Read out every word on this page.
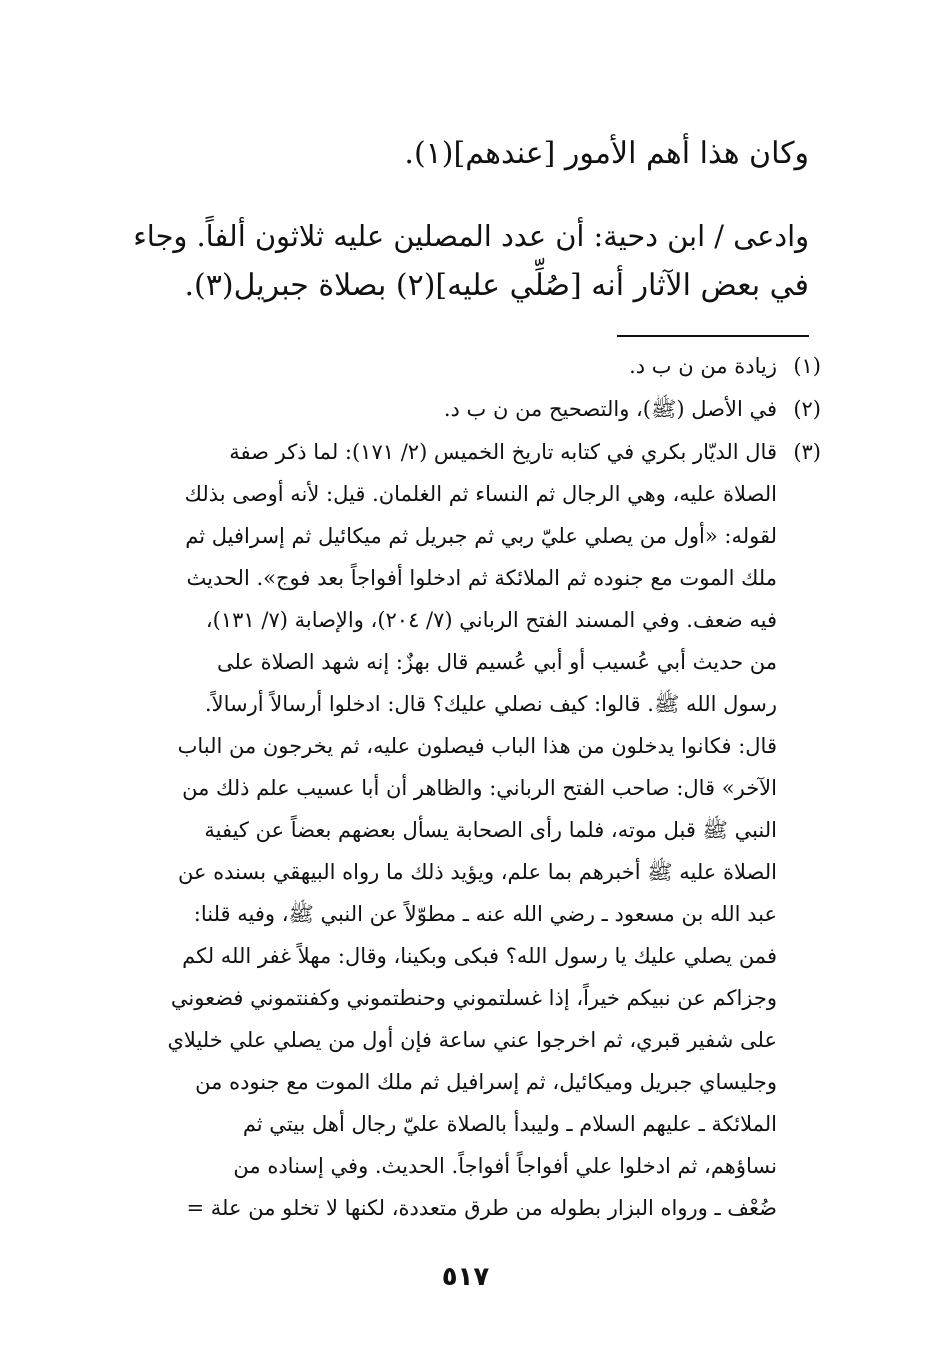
وكان هذا أهم الأمور [عندهم](١).
وادعى / ابن دحية: أن عدد المصلين عليه ثلاثون ألفاً. وجاء
في بعض الآثار أنه [صُلِّي عليه](٢) بصلاة جبريل(٣).
(١)
زيادة من ن ب د.
(٢)
في الأصل (ﷺ)، والتصحيح من ن ب د.
(٣)
قال الديّار بكري في كتابه تاريخ الخميس (٢/ ١٧١): لما ذكر صفة
الصلاة عليه، وهي الرجال ثم النساء ثم الغلمان. قيل: لأنه أوصى بذلك
لقوله: «أول من يصلي عليّ ربي ثم جبريل ثم ميكائيل ثم إسرافيل ثم
ملك الموت مع جنوده ثم الملائكة ثم ادخلوا أفواجاً بعد فوج». الحديث
فيه ضعف. وفي المسند الفتح الرباني (٧/ ٢٠٤)، والإصابة (٧/ ١٣١)،
من حديث أبي عُسيب أو أبي عُسيم قال بهزٌ: إنه شهد الصلاة على
رسول الله ﷺ. قالوا: كيف نصلي عليك؟ قال: ادخلوا أرسالاً أرسالاً.
قال: فكانوا يدخلون من هذا الباب فيصلون عليه، ثم يخرجون من الباب
الآخر» قال: صاحب الفتح الرباني: والظاهر أن أبا عسيب علم ذلك من
النبي ﷺ قبل موته، فلما رأى الصحابة يسأل بعضهم بعضاً عن كيفية
الصلاة عليه ﷺ أخبرهم بما علم، ويؤيد ذلك ما رواه البيهقي بسنده عن
عبد الله بن مسعود ـ رضي الله عنه ـ مطوّلاً عن النبي ﷺ، وفيه قلنا:
فمن يصلي عليك يا رسول الله؟ فبكى وبكينا، وقال: مهلاً غفر الله لكم
وجزاكم عن نبيكم خيراً، إذا غسلتموني وحنطتموني وكفنتموني فضعوني
على شفير قبري، ثم اخرجوا عني ساعة فإن أول من يصلي علي خليلاي
وجليساي جبريل وميكائيل، ثم إسرافيل ثم ملك الموت مع جنوده من
الملائكة ـ عليهم السلام ـ وليبدأ بالصلاة عليّ رجال أهل بيتي ثم
نساؤهم، ثم ادخلوا علي أفواجاً أفواجاً. الحديث. وفي إسناده من
ضُعْف ـ ورواه البزار بطوله من طرق متعددة، لكنها لا تخلو من علة =
٥١٧
